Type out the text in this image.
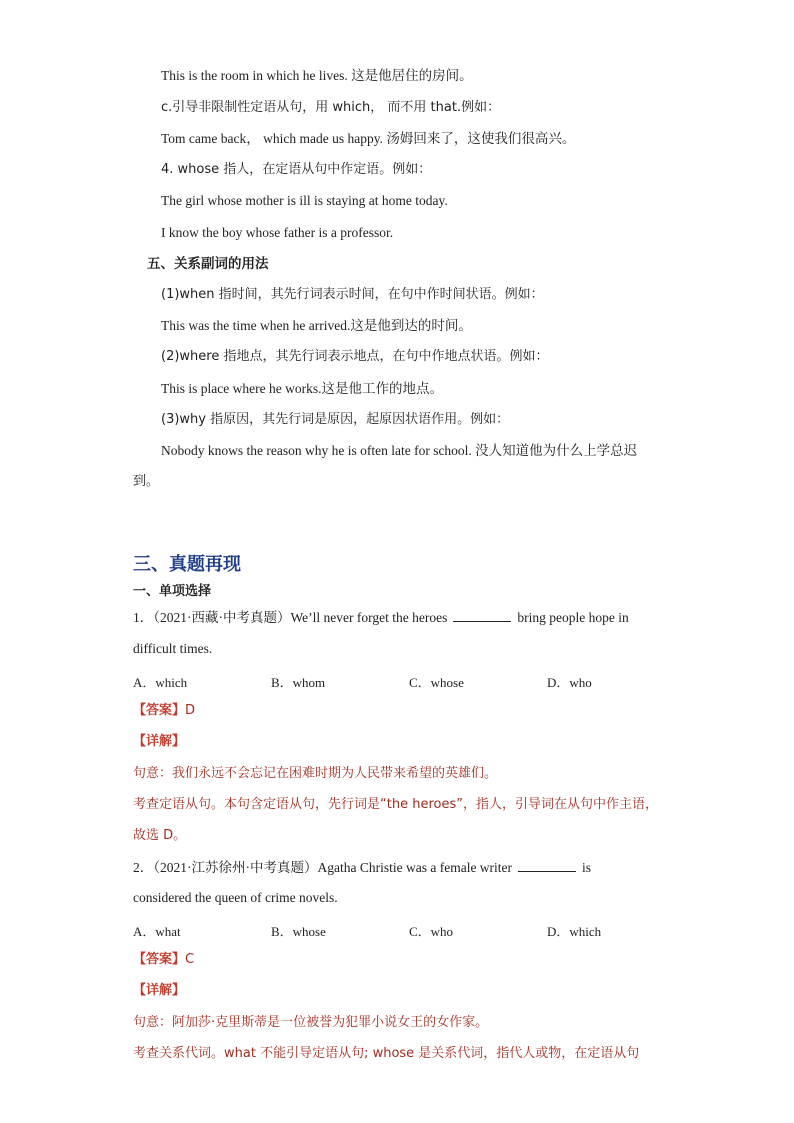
This is the room in which he lives. 这是他居住的房间。
c.引导非限制性定语从句，用 which， 而不用 that.例如：
Tom came back， which made us happy. 汤姆回来了，这使我们很高兴。
4. whose 指人，在定语从句中作定语。例如：
The girl whose mother is ill is staying at home today.
I know the boy whose father is a professor.
五、关系副词的用法
(1)when 指时间，其先行词表示时间，在句中作时间状语。例如：
This was the time when he arrived.这是他到达的时间。
(2)where 指地点，其先行词表示地点，在句中作地点状语。例如：
This is place where he works.这是他工作的地点。
(3)why 指原因，其先行词是原因，起原因状语作用。例如：
Nobody knows the reason why he is often late for school. 没人知道他为什么上学总迟
到。
三、真题再现
一、单项选择
1．（2021·西藏·中考真题）We’ll never forget the heroes	bring people hope in
difficult times.
A．which	B．whom	C．whose	D．who
【答案】D
【详解】
句意：我们永远不会忘记在困难时期为人民带来希望的英雄们。
考查定语从句。本句含定语从句，先行词是“the heroes”，指人，引导词在从句中作主语，
故选 D。
2．（2021·江苏徐州·中考真题）Agatha Christie was a female writer	is
considered the queen of crime novels.
A．what	B．whose	C．who	D．which
【答案】C
【详解】
句意：阿加莎·克里斯蒂是一位被誉为犯罪小说女王的女作家。
考查关系代词。what 不能引导定语从句; whose 是关系代词，指代人或物，在定语从句
